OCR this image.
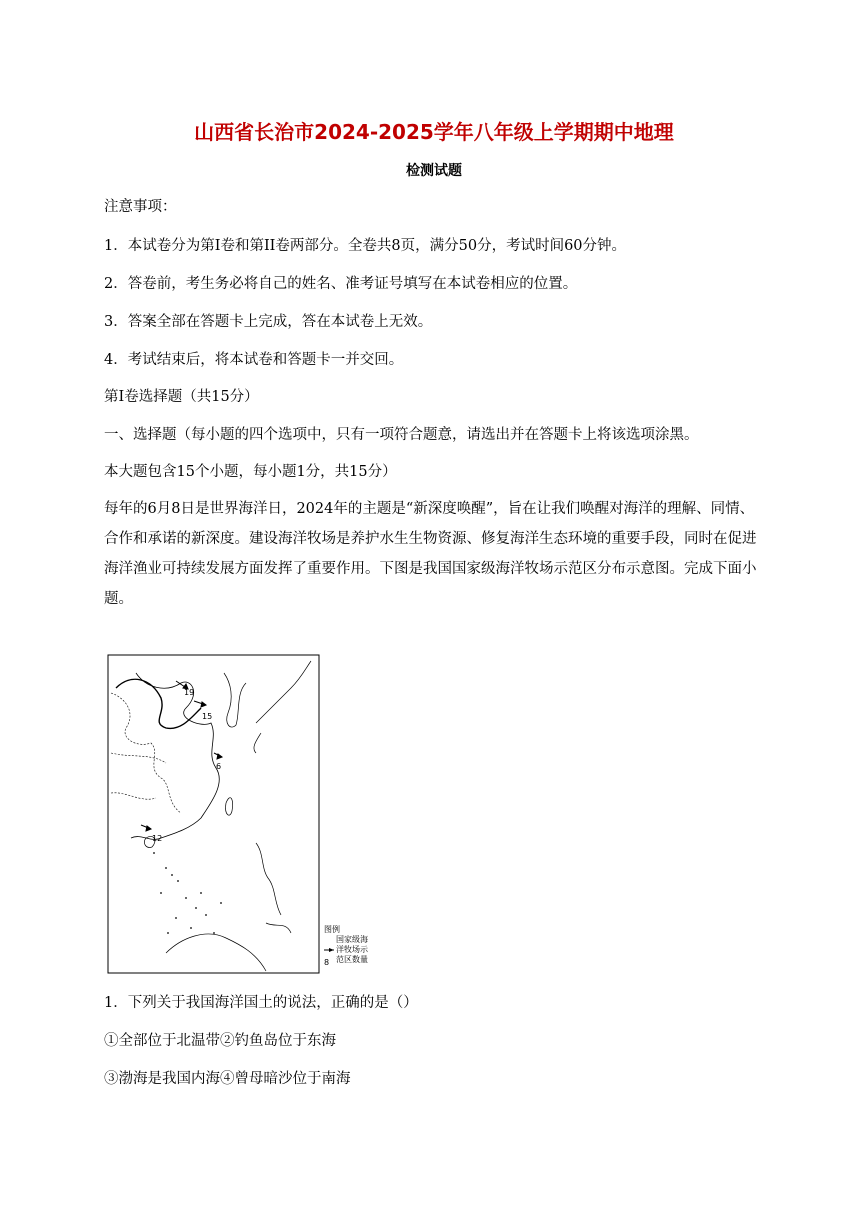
山西省长治市2024-2025学年八年级上学期期中地理
检测试题
注意事项：
1．本试卷分为第Ⅰ卷和第II卷两部分。全卷共8页，满分50分，考试时间60分钟。
2．答卷前，考生务必将自己的姓名、准考证号填写在本试卷相应的位置。
3．答案全部在答题卡上完成，答在本试卷上无效。
4．考试结束后，将本试卷和答题卡一并交回。
第Ⅰ卷选择题（共15分）
一、选择题（每小题的四个选项中，只有一项符合题意，请选出并在答题卡上将该选项涂黑。
本大题包含15个小题，每小题1分，共15分）
每年的6月8日是世界海洋日，2024年的主题是“新深度唤醒”，旨在让我们唤醒对海洋的理解、同情、合作和承诺的新深度。建设海洋牧场是养护水生生物资源、修复海洋生态环境的重要手段，同时在促进海洋渔业可持续发展方面发挥了重要作用。下图是我国国家级海洋牧场示范区分布示意图。完成下面小题。
19
15
6
12
图例
8
国家级海
洋牧场示
范区数量
1．下列关于我国海洋国土的说法，正确的是（）
①全部位于北温带②钓鱼岛位于东海
③渤海是我国内海④曾母暗沙位于南海
